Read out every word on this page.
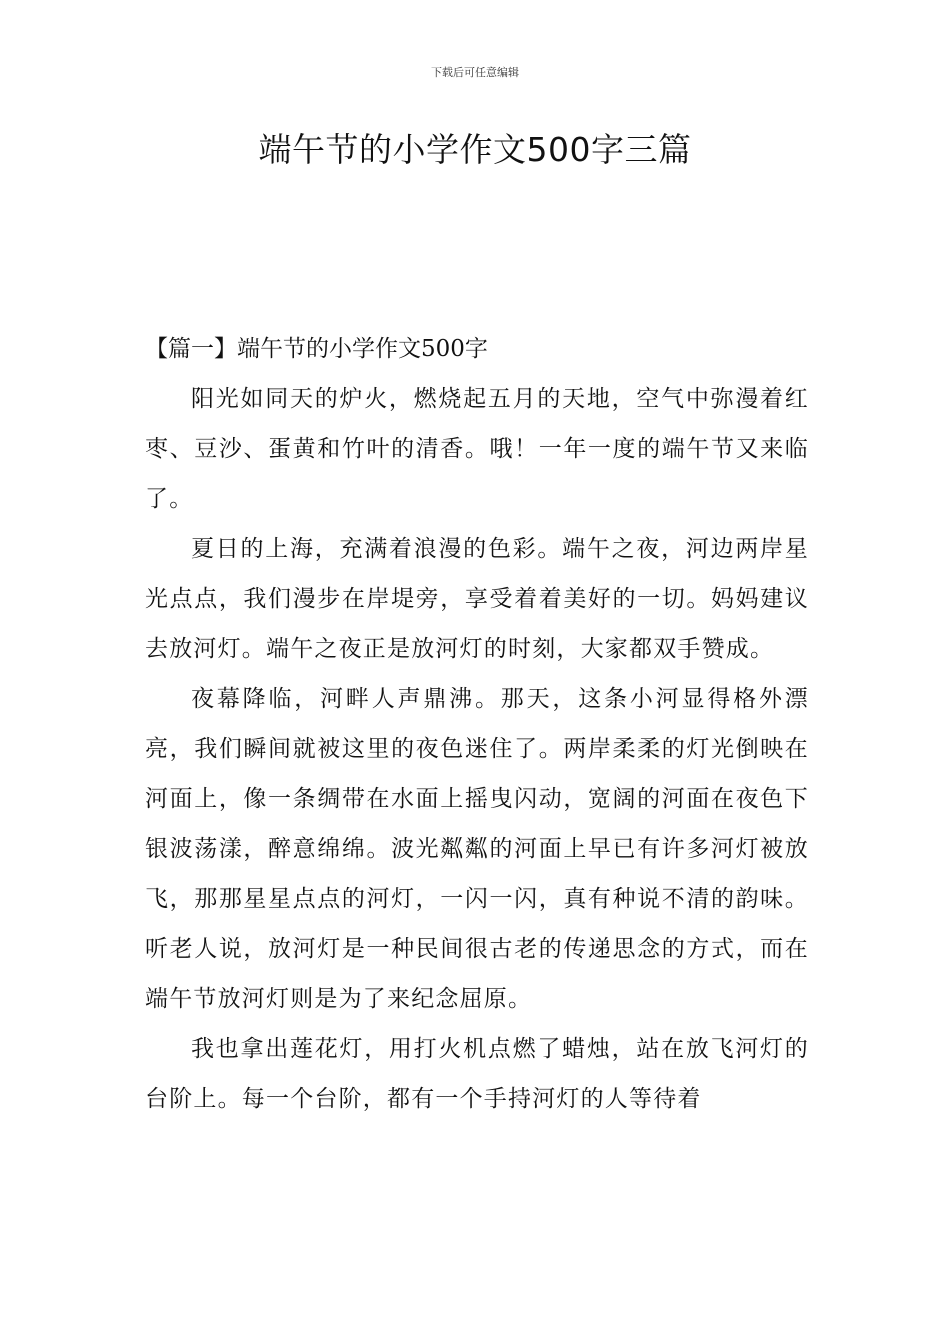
下载后可任意编辑
端午节的小学作文500字三篇

【篇一】端午节的小学作文500字

阳光如同天的炉火，燃烧起五月的天地，空气中弥漫着红枣、豆沙、蛋黄和竹叶的清香。哦！一年一度的端午节又来临了。

夏日的上海，充满着浪漫的色彩。端午之夜，河边两岸星光点点，我们漫步在岸堤旁，享受着着美好的一切。妈妈建议去放河灯。端午之夜正是放河灯的时刻，大家都双手赞成。

夜幕降临，河畔人声鼎沸。那天，这条小河显得格外漂亮，我们瞬间就被这里的夜色迷住了。两岸柔柔的灯光倒映在河面上，像一条绸带在水面上摇曳闪动，宽阔的河面在夜色下银波荡漾，醉意绵绵。波光粼粼的河面上早已有许多河灯被放飞，那那星星点点的河灯，一闪一闪，真有种说不清的韵味。听老人说，放河灯是一种民间很古老的传递思念的方式，而在端午节放河灯则是为了来纪念屈原。

我也拿出莲花灯，用打火机点燃了蜡烛，站在放飞河灯的台阶上。每一个台阶，都有一个手持河灯的人等待着
